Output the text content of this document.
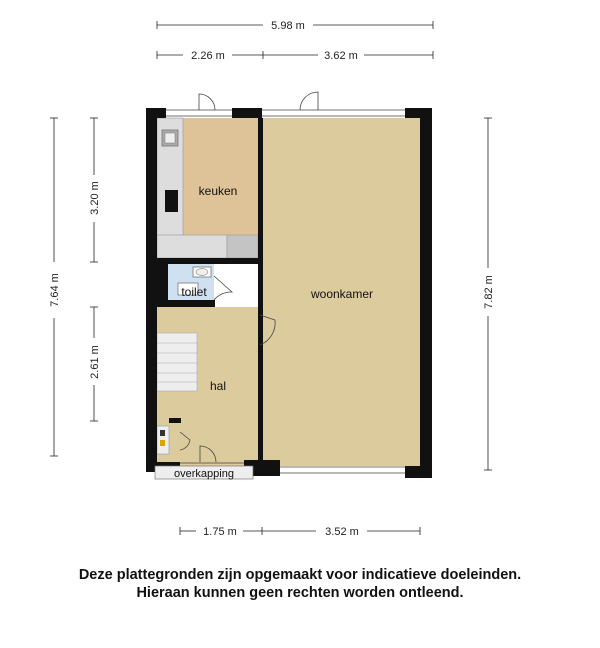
5.98 m
2.26 m	3.62 m
1.75 m	3.52 m
7.64 m
3.20 m
2.61 m
7.82 m
keuken
toilet	woonkamer
hal
overkapping
Deze plattegronden zijn opgemaakt voor indicatieve doeleinden.
Hieraan kunnen geen rechten worden ontleend.
